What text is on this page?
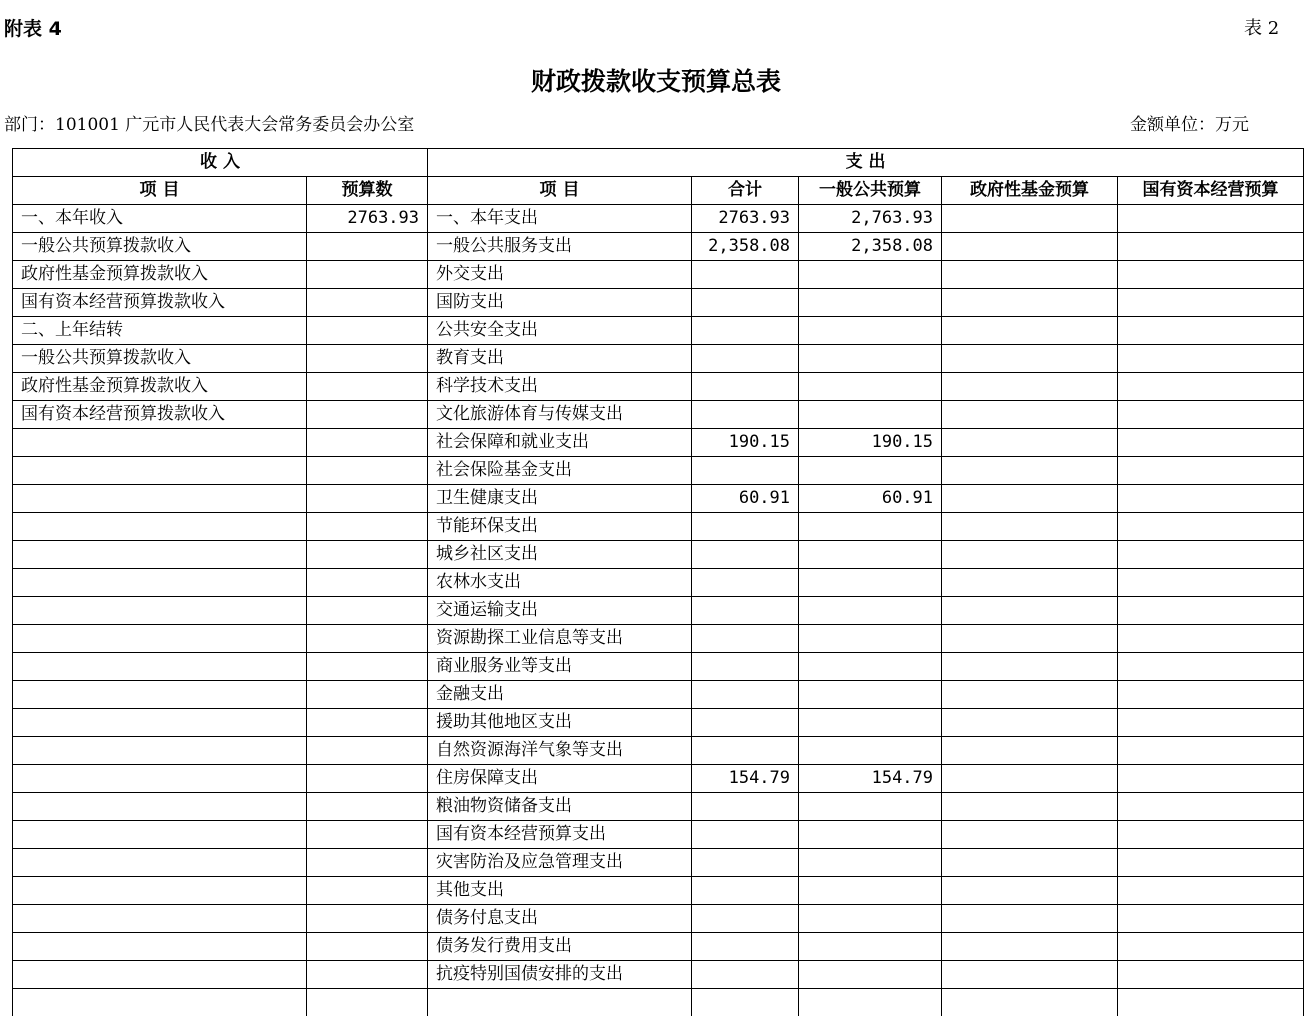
附表 4	表 2
财政拨款收支预算总表
部门：101001 广元市人民代表大会常务委员会办公室	金额单位：万元
收 入		支 出				
项 目	预算数	项 目	合计	一般公共预算	政府性基金预算	国有资本经营预算
一、本年收入	2763.93	一、本年支出	2763.93	2,763.93		
一般公共预算拨款收入		一般公共服务支出	2,358.08	2,358.08		
政府性基金预算拨款收入		外交支出				
国有资本经营预算拨款收入		国防支出				
二、上年结转		公共安全支出				
一般公共预算拨款收入		教育支出				
政府性基金预算拨款收入		科学技术支出				
国有资本经营预算拨款收入		文化旅游体育与传媒支出				
		社会保障和就业支出	190.15	190.15		
		社会保险基金支出				
		卫生健康支出	60.91	60.91		
		节能环保支出				
		城乡社区支出				
		农林水支出				
		交通运输支出				
		资源勘探工业信息等支出				
		商业服务业等支出				
		金融支出				
		援助其他地区支出				
		自然资源海洋气象等支出				
		住房保障支出	154.79	154.79		
		粮油物资储备支出				
		国有资本经营预算支出				
		灾害防治及应急管理支出				
		其他支出				
		债务付息支出				
		债务发行费用支出				
		抗疫特别国债安排的支出				
